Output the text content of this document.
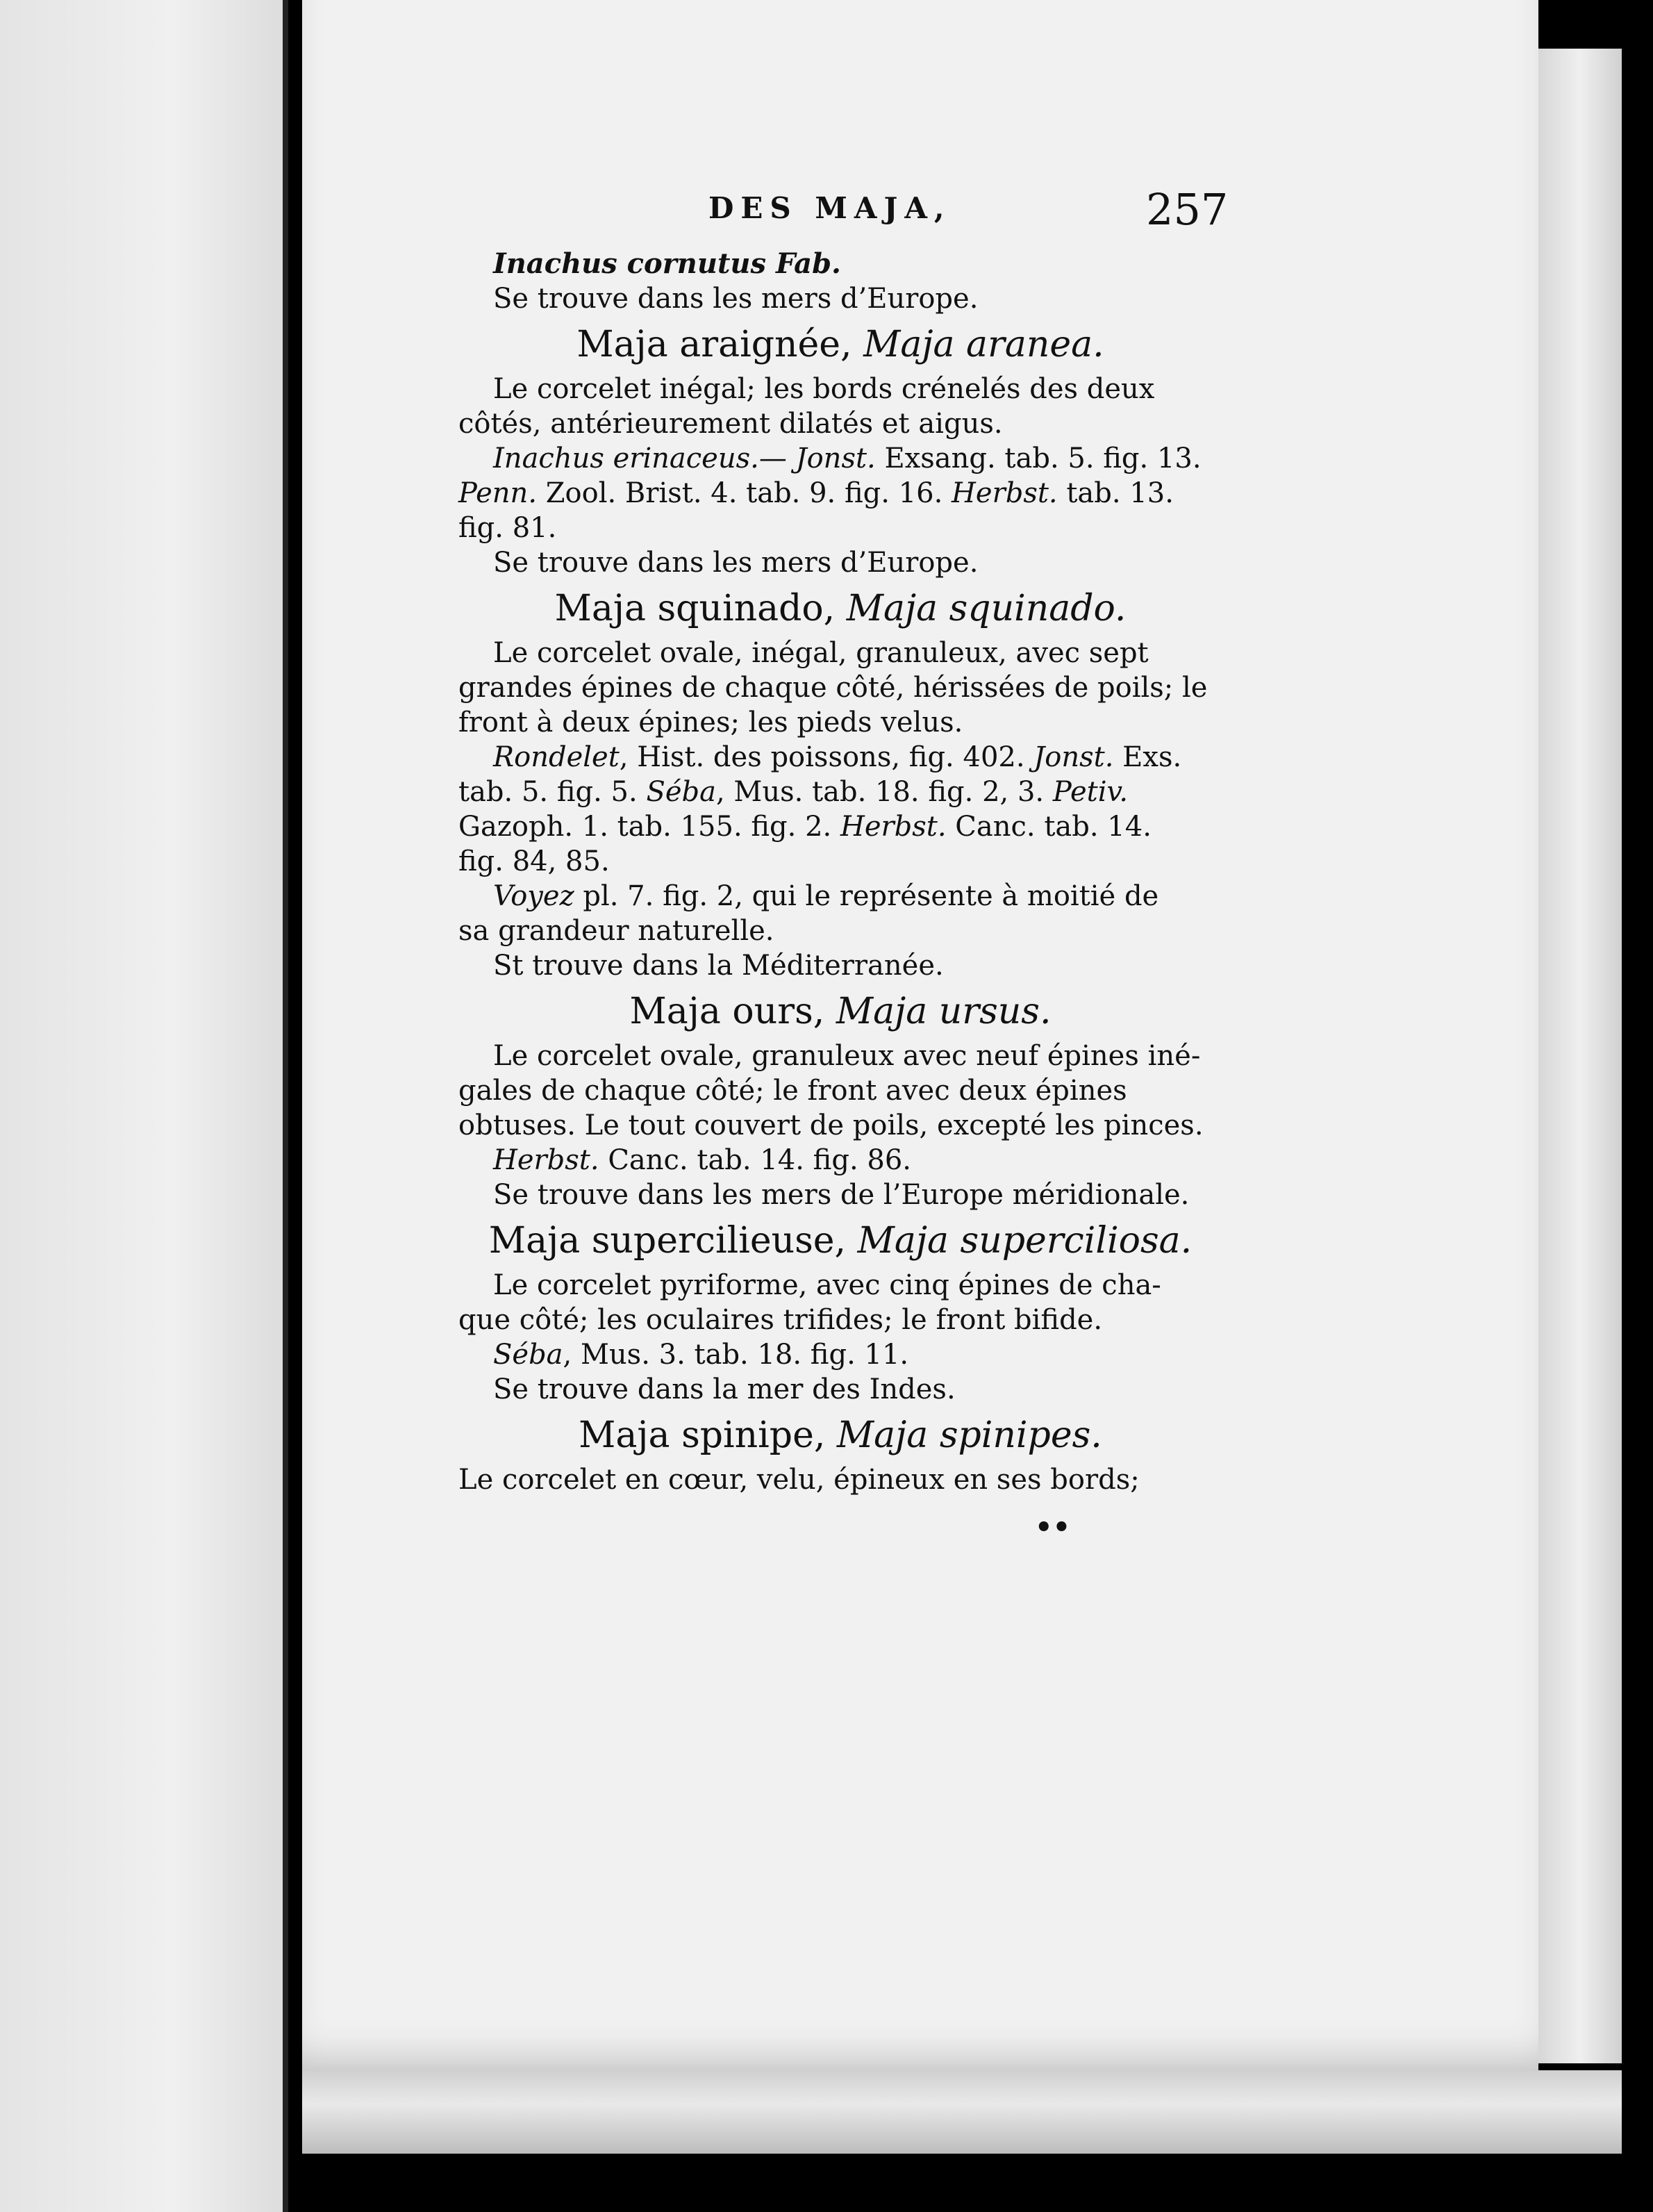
DES MAJA,	257
Inachus cornutus Fab.
Se trouve dans les mers d’Europe.
Maja araignée, Maja aranea.
Le corcelet inégal; les bords crénelés des deux
côtés, antérieurement dilatés et aigus.
Inachus erinaceus.— Jonst. Exsang. tab. 5. fig. 13.
Penn. Zool. Brist. 4. tab. 9. fig. 16. Herbst. tab. 13.
fig. 81.
Se trouve dans les mers d’Europe.
Maja squinado, Maja squinado.
Le corcelet ovale, inégal, granuleux, avec sept
grandes épines de chaque côté, hérissées de poils; le
front à deux épines; les pieds velus.
Rondelet, Hist. des poissons, fig. 402. Jonst. Exs.
tab. 5. fig. 5. Séba, Mus. tab. 18. fig. 2, 3. Petiv.
Gazoph. 1. tab. 155. fig. 2. Herbst. Canc. tab. 14.
fig. 84, 85.
Voyez pl. 7. fig. 2, qui le représente à moitié de
sa grandeur naturelle.
St trouve dans la Méditerranée.
Maja ours, Maja ursus.
Le corcelet ovale, granuleux avec neuf épines iné-
gales de chaque côté; le front avec deux épines
obtuses. Le tout couvert de poils, excepté les pinces.
Herbst. Canc. tab. 14. fig. 86.
Se trouve dans les mers de l’Europe méridionale.
Maja supercilieuse, Maja superciliosa.
Le corcelet pyriforme, avec cinq épines de cha-
que côté; les oculaires trifides; le front bifide.
Séba, Mus. 3. tab. 18. fig. 11.
Se trouve dans la mer des Indes.
Maja spinipe, Maja spinipes.
Le corcelet en cœur, velu, épineux en ses bords;
••
